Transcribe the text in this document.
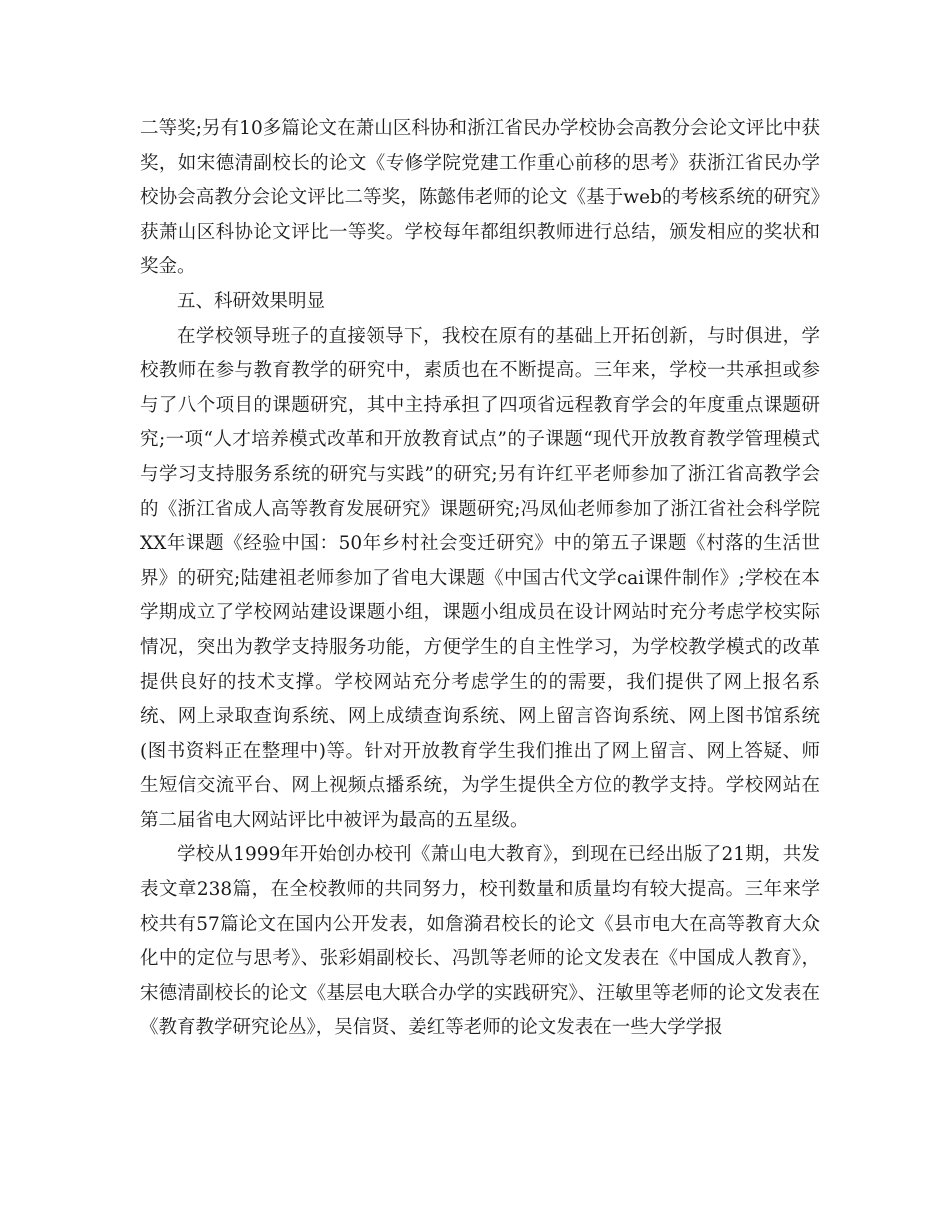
二等奖;另有10多篇论文在萧山区科协和浙江省民办学校协会高教分会论文评比中获奖，如宋德清副校长的论文《专修学院党建工作重心前移的思考》获浙江省民办学校协会高教分会论文评比二等奖，陈懿伟老师的论文《基于web的考核系统的研究》获萧山区科协论文评比一等奖。学校每年都组织教师进行总结，颁发相应的奖状和奖金。

五、科研效果明显

在学校领导班子的直接领导下，我校在原有的基础上开拓创新，与时俱进，学校教师在参与教育教学的研究中，素质也在不断提高。三年来，学校一共承担或参与了八个项目的课题研究，其中主持承担了四项省远程教育学会的年度重点课题研究;一项“人才培养模式改革和开放教育试点”的子课题“现代开放教育教学管理模式与学习支持服务系统的研究与实践”的研究;另有许红平老师参加了浙江省高教学会的《浙江省成人高等教育发展研究》课题研究;冯凤仙老师参加了浙江省社会科学院XX年课题《经验中国：50年乡村社会变迁研究》中的第五子课题《村落的生活世界》的研究;陆建祖老师参加了省电大课题《中国古代文学cai课件制作》;学校在本学期成立了学校网站建设课题小组，课题小组成员在设计网站时充分考虑学校实际情况，突出为教学支持服务功能，方便学生的自主性学习，为学校教学模式的改革提供良好的技术支撑。学校网站充分考虑学生的的需要，我们提供了网上报名系统、网上录取查询系统、网上成绩查询系统、网上留言咨询系统、网上图书馆系统(图书资料正在整理中)等。针对开放教育学生我们推出了网上留言、网上答疑、师生短信交流平台、网上视频点播系统，为学生提供全方位的教学支持。学校网站在第二届省电大网站评比中被评为最高的五星级。

学校从1999年开始创办校刊《萧山电大教育》，到现在已经出版了21期，共发表文章238篇，在全校教师的共同努力，校刊数量和质量均有较大提高。三年来学校共有57篇论文在国内公开发表，如詹漪君校长的论文《县市电大在高等教育大众化中的定位与思考》、张彩娟副校长、冯凯等老师的论文发表在《中国成人教育》，宋德清副校长的论文《基层电大联合办学的实践研究》、汪敏里等老师的论文发表在《教育教学研究论丛》，吴信贤、姜红等老师的论文发表在一些大学学报
